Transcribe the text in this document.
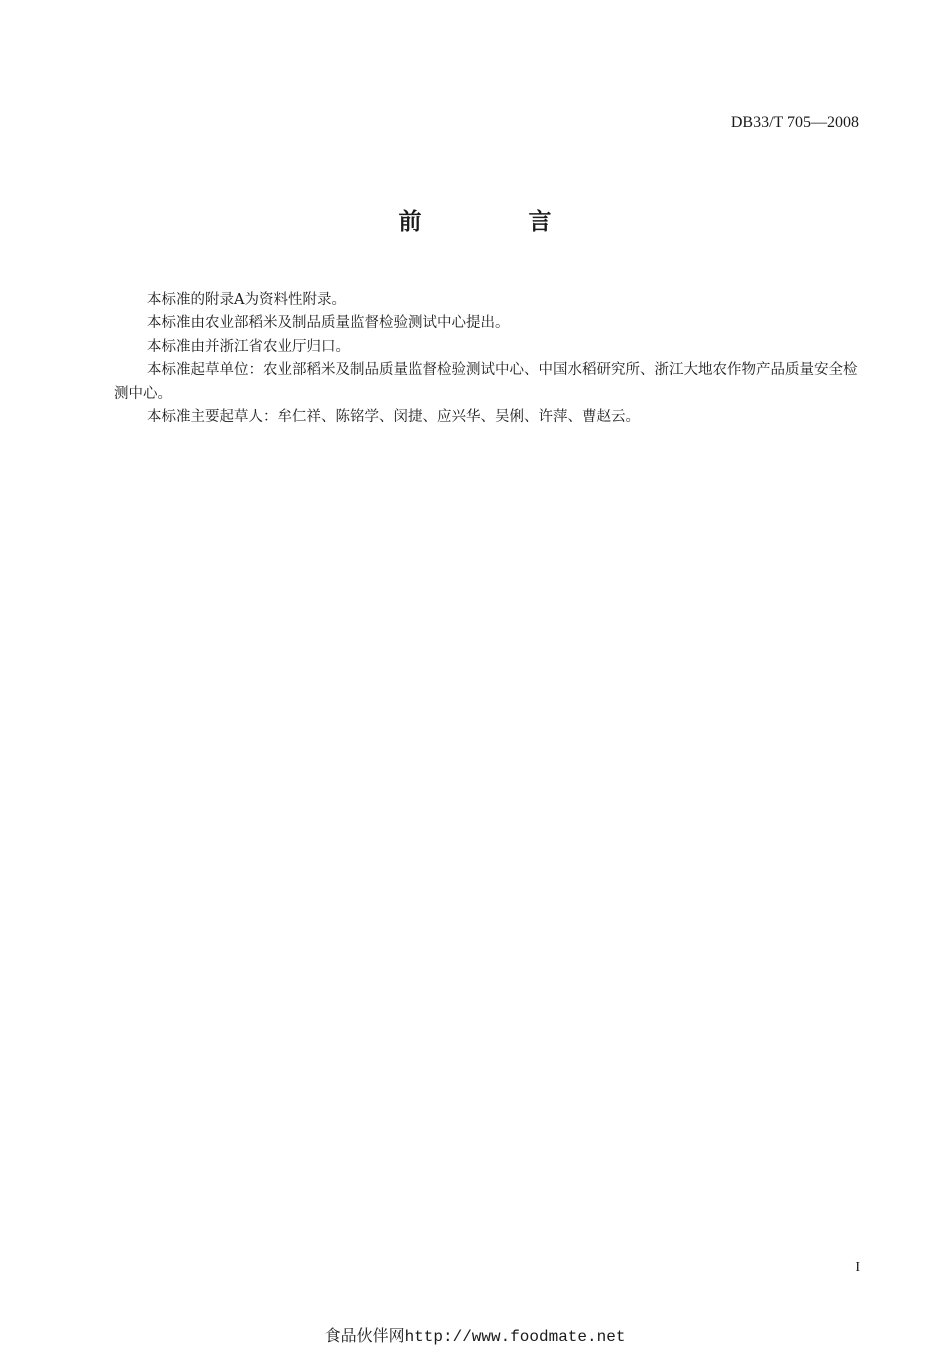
DB33/T 705—2008
前　言

本标准的附录A为资料性附录。

本标准由农业部稻米及制品质量监督检验测试中心提出。

本标准由并浙江省农业厅归口。

本标准起草单位：农业部稻米及制品质量监督检验测试中心、中国水稻研究所、浙江大地农作物产品质量安全检测中心。

本标准主要起草人：牟仁祥、陈铭学、闵捷、应兴华、吴俐、许萍、曹赵云。

I
食品伙伴网http://www.foodmate.net
